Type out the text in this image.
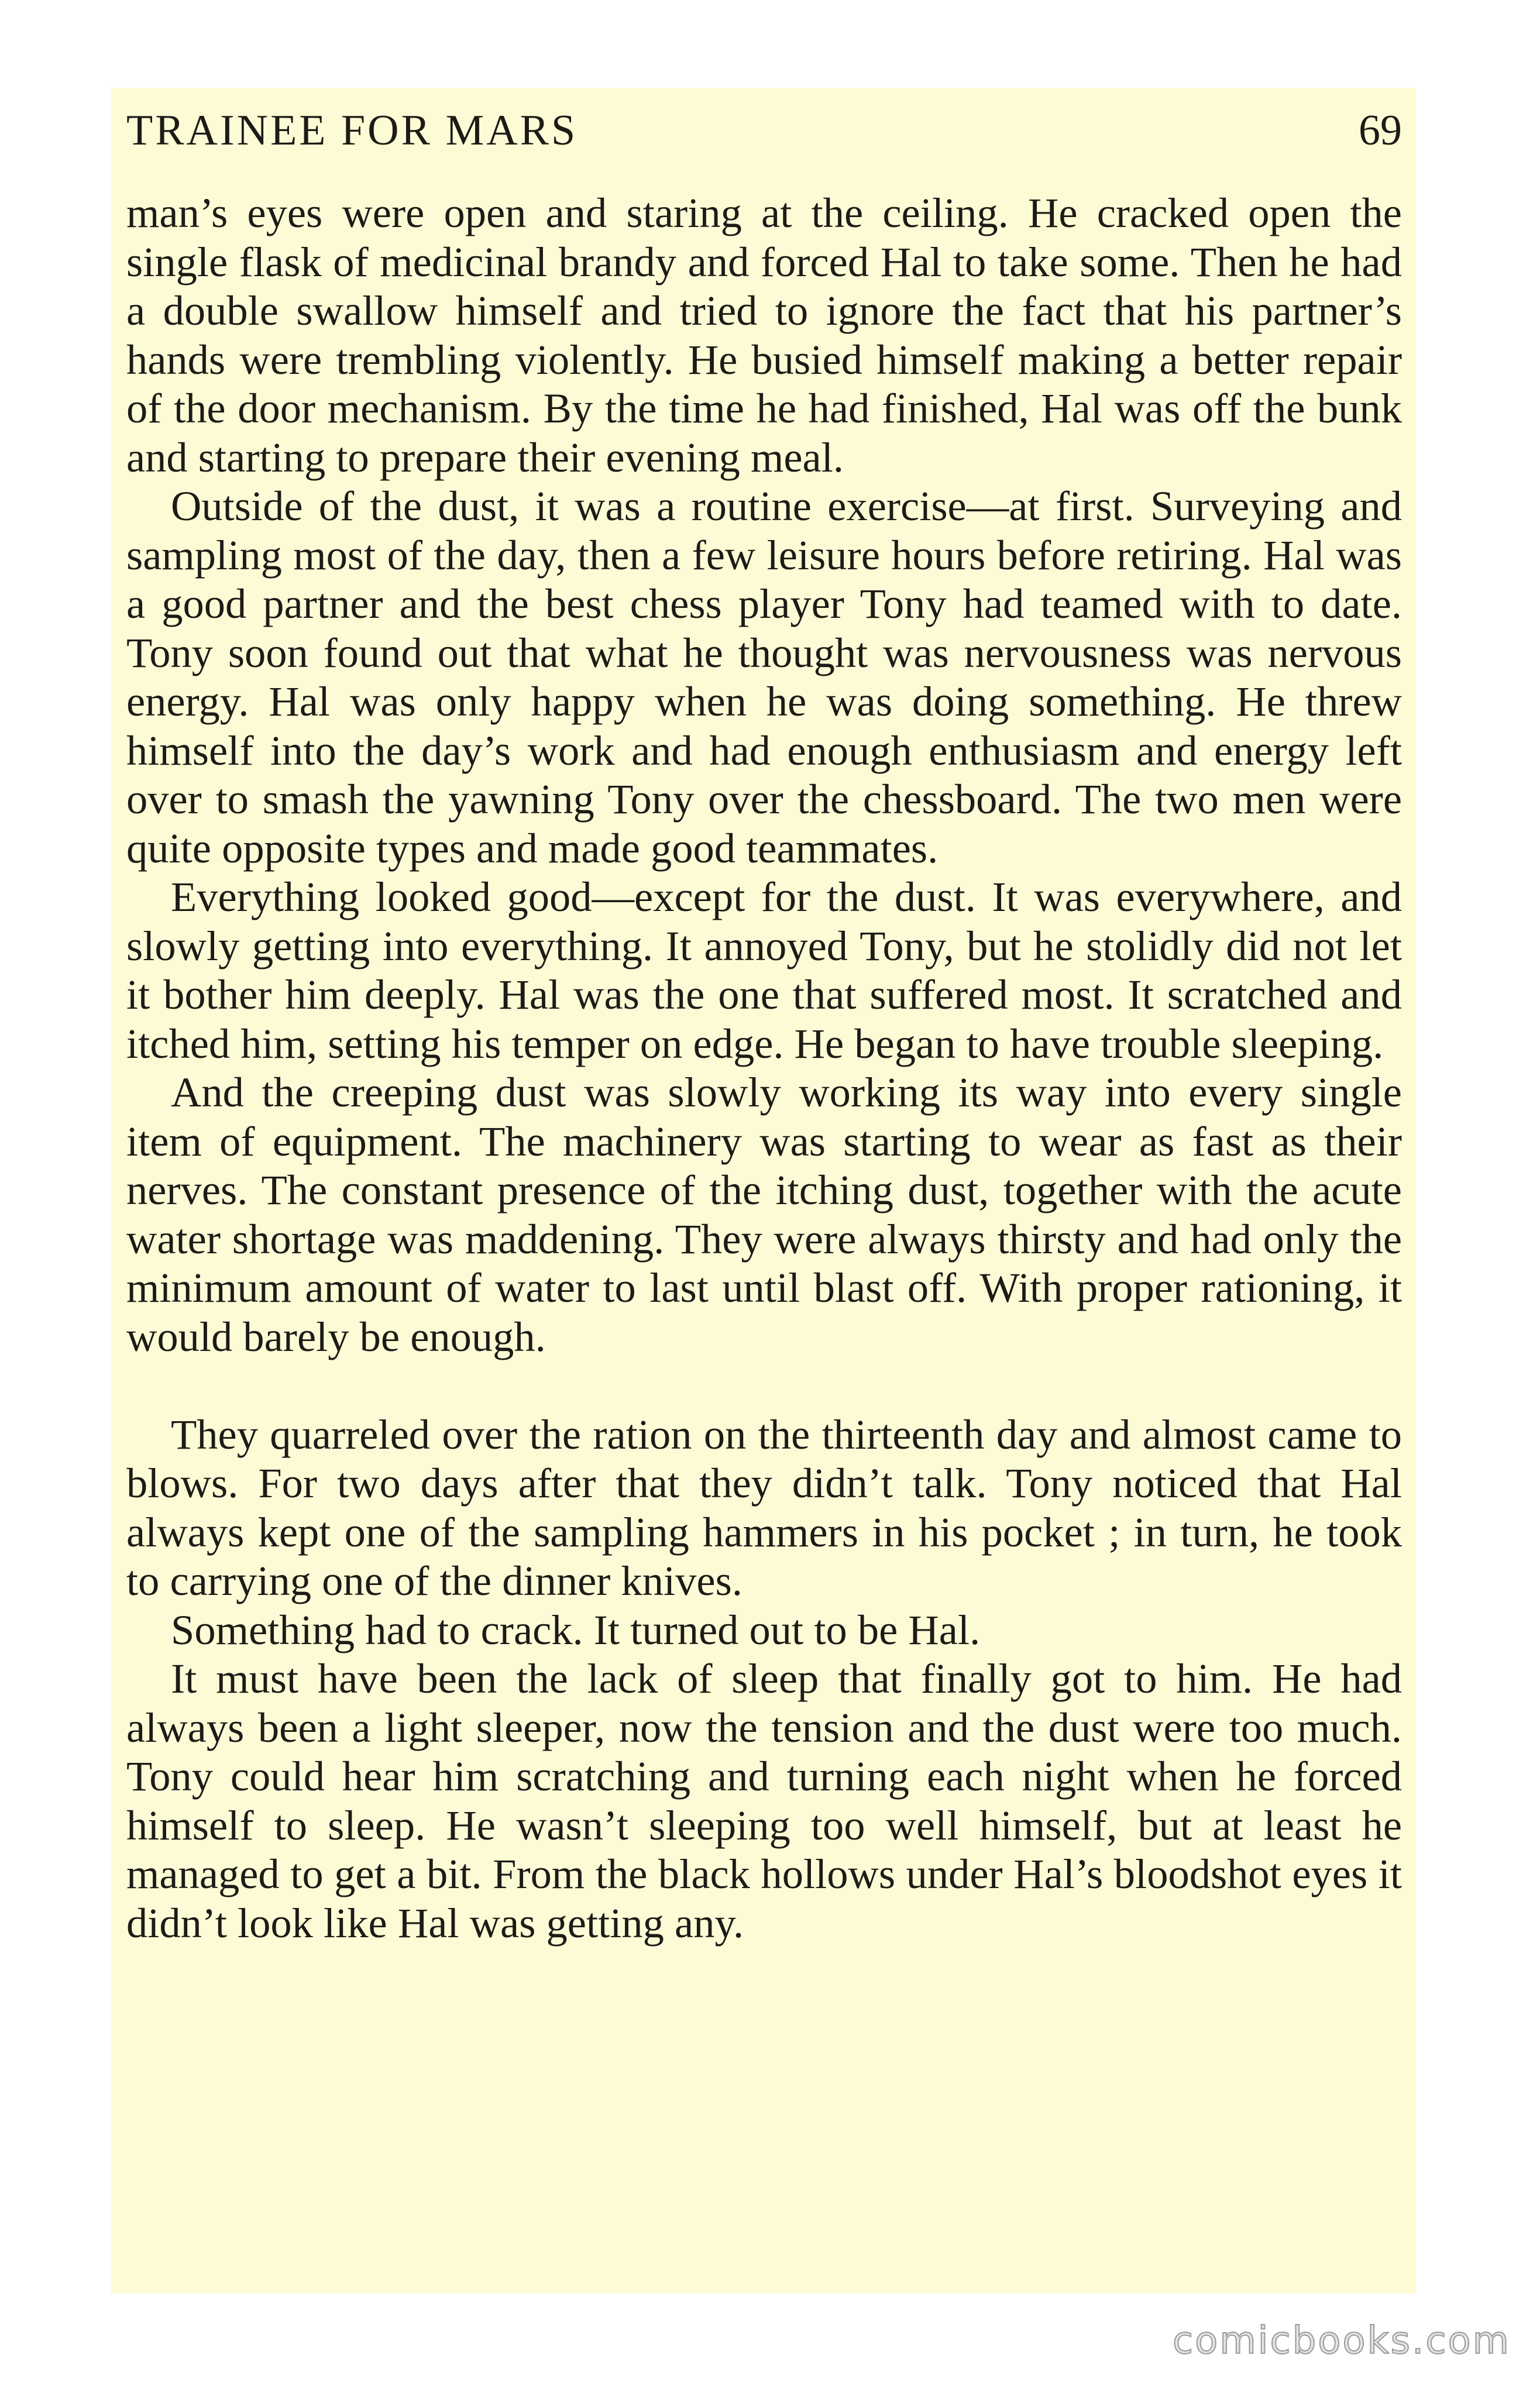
TRAINEE FOR MARS	69

man’s eyes were open and staring at the ceiling. He cracked open the single flask of medicinal brandy and forced Hal to take some. Then he had a double swallow himself and tried to ignore the fact that his partner’s hands were trembling violently. He busied himself making a better repair of the door mechanism. By the time he had finished, Hal was off the bunk and starting to prepare their evening meal.

Outside of the dust, it was a routine exercise—at first. Surveying and sampling most of the day, then a few leisure hours before retiring. Hal was a good partner and the best chess player Tony had teamed with to date. Tony soon found out that what he thought was nervousness was nervous energy. Hal was only happy when he was doing something. He threw himself into the day’s work and had enough enthusiasm and energy left over to smash the yawning Tony over the chessboard. The two men were quite opposite types and made good teammates.

Everything looked good—except for the dust. It was everywhere, and slowly getting into everything. It annoyed Tony, but he stolidly did not let it bother him deeply. Hal was the one that suffered most. It scratched and itched him, setting his temper on edge. He began to have trouble sleeping.

And the creeping dust was slowly working its way into every single item of equipment. The machinery was starting to wear as fast as their nerves. The constant presence of the itching dust, together with the acute water shortage was maddening. They were always thirsty and had only the minimum amount of water to last until blast off. With proper rationing, it would barely be enough.

They quarreled over the ration on the thirteenth day and almost came to blows. For two days after that they didn’t talk. Tony noticed that Hal always kept one of the sampling hammers in his pocket ; in turn, he took to carrying one of the dinner knives.

Something had to crack. It turned out to be Hal.

It must have been the lack of sleep that finally got to him. He had always been a light sleeper, now the tension and the dust were too much. Tony could hear him scratching and turning each night when he forced himself to sleep. He wasn’t sleeping too well himself, but at least he managed to get a bit. From the black hollows under Hal’s bloodshot eyes it didn’t look like Hal was getting any.

comicbooks.com
